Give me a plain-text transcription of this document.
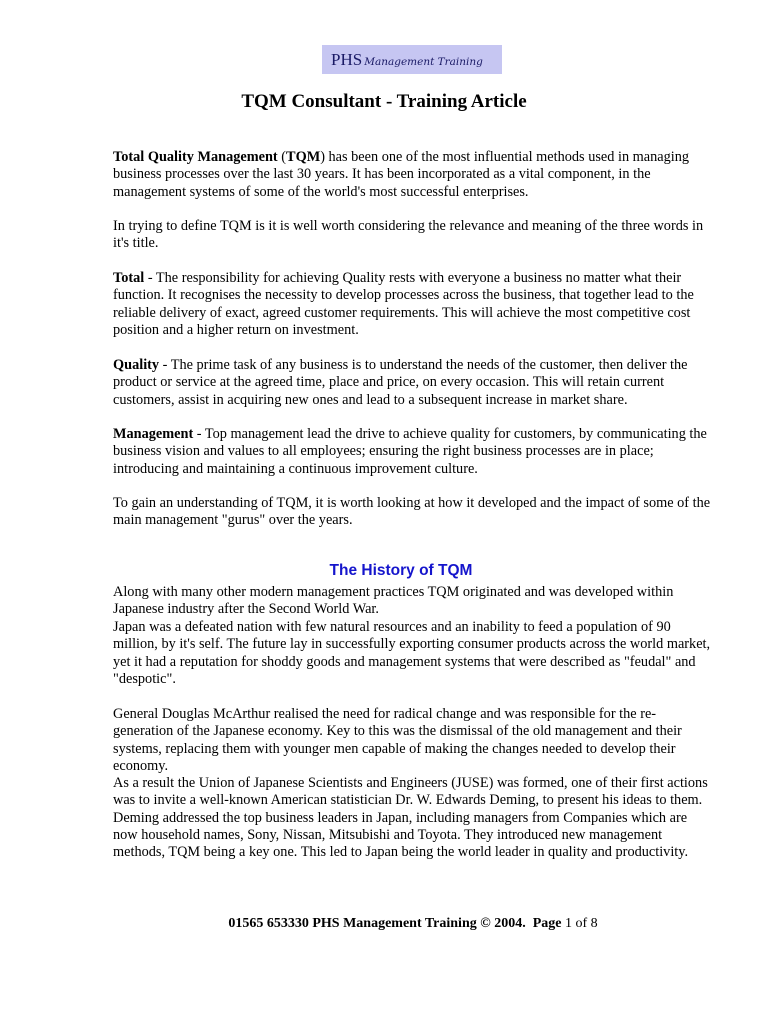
PHS Management Training
TQM Consultant - Training Article

Total Quality Management (TQM) has been one of the most influential methods used in managing business processes over the last 30 years. It has been incorporated as a vital component, in the management systems of some of the world's most successful enterprises.

In trying to define TQM is it is well worth considering the relevance and meaning of the three words in it's title.

Total - The responsibility for achieving Quality rests with everyone a business no matter what their function. It recognises the necessity to develop processes across the business, that together lead to the reliable delivery of exact, agreed customer requirements. This will achieve the most competitive cost position and a higher return on investment.

Quality - The prime task of any business is to understand the needs of the customer, then deliver the product or service at the agreed time, place and price, on every occasion. This will retain current customers, assist in acquiring new ones and lead to a subsequent increase in market share.

Management - Top management lead the drive to achieve quality for customers, by communicating the business vision and values to all employees; ensuring the right business processes are in place; introducing and maintaining a continuous improvement culture.

To gain an understanding of TQM, it is worth looking at how it developed and the impact of some of the main management "gurus" over the years.

The History of TQM

Along with many other modern management practices TQM originated and was developed within Japanese industry after the Second World War.

Japan was a defeated nation with few natural resources and an inability to feed a population of 90 million, by it's self. The future lay in successfully exporting consumer products across the world market, yet it had a reputation for shoddy goods and management systems that were described as "feudal" and "despotic".

General Douglas McArthur realised the need for radical change and was responsible for the re-generation of the Japanese economy. Key to this was the dismissal of the old management and their systems, replacing them with younger men capable of making the changes needed to develop their economy.

As a result the Union of Japanese Scientists and Engineers (JUSE) was formed, one of their first actions was to invite a well-known American statistician Dr. W. Edwards Deming, to present his ideas to them. Deming addressed the top business leaders in Japan, including managers from Companies which are now household names, Sony, Nissan, Mitsubishi and Toyota. They introduced new management methods, TQM being a key one. This led to Japan being the world leader in quality and productivity.

01565 653330 PHS Management Training © 2004. Page 1 of 8
